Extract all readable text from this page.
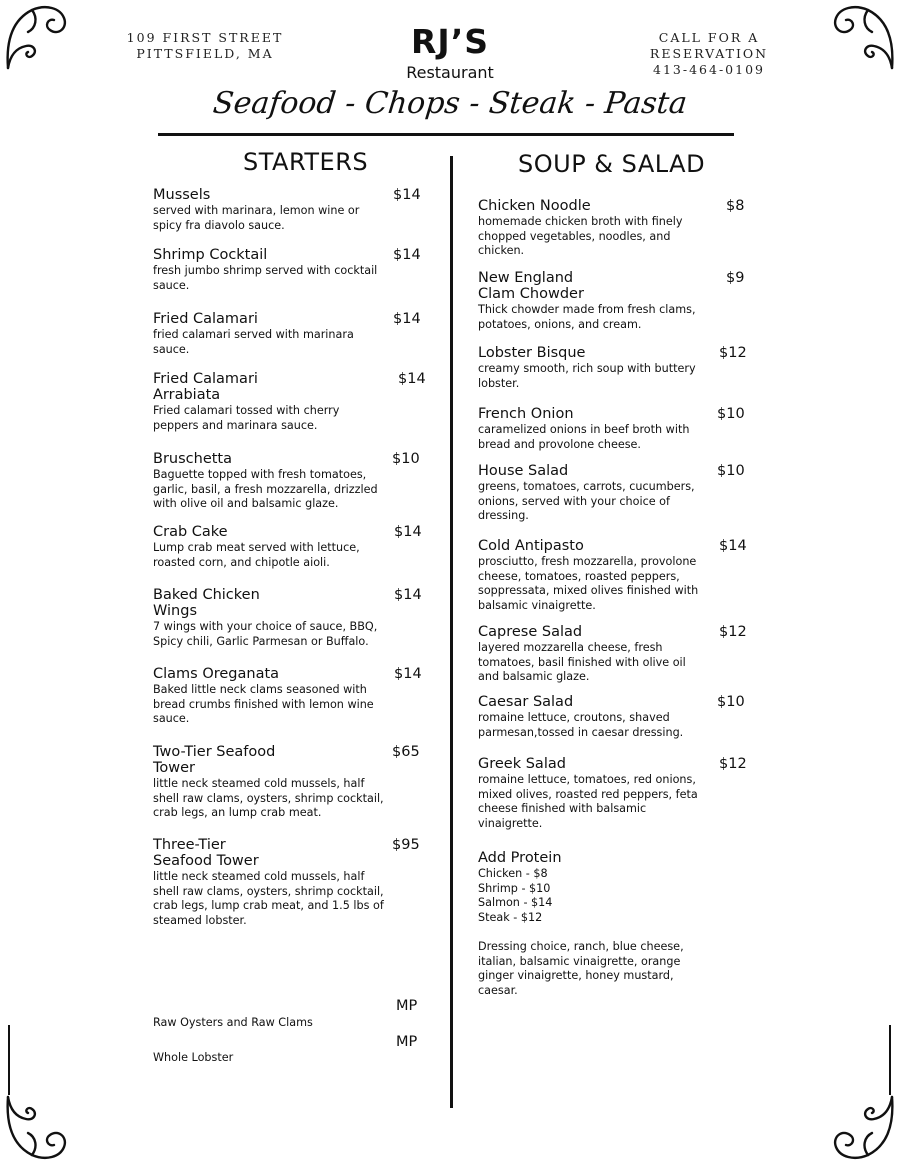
109 FIRST STREET
PITTSFIELD, MA	RJ’S
Restaurant
CALL FOR A RESERVATION
413-464-0109
Seafood - Chops - Steak - Pasta
STARTERS	SOUP & SALAD
Mussels	$14
served with marinara, lemon wine or
spicy fra diavolo sauce.
Shrimp Cocktail	$14
fresh jumbo shrimp served with cocktail
sauce.
Fried Calamari	$14
fried calamari served with marinara
sauce.
Fried Calamari
Arrabiata
$14
Fried calamari tossed with cherry
peppers and marinara sauce.
Bruschetta	$10
Baguette topped with fresh tomatoes,
garlic, basil, a fresh mozzarella, drizzled
with olive oil and balsamic glaze.
Crab Cake	$14
Lump crab meat served with lettuce,
roasted corn, and chipotle aioli.
Baked Chicken
Wings
$14
7 wings with your choice of sauce, BBQ,
Spicy chili, Garlic Parmesan or Buffalo.
Clams Oreganata	$14
Baked little neck clams seasoned with
bread crumbs finished with lemon wine
sauce.
Two-Tier Seafood
Tower
$65
little neck steamed cold mussels, half
shell raw clams, oysters, shrimp cocktail,
crab legs, an lump crab meat.
Three-Tier
Seafood Tower
$95
little neck steamed cold mussels, half
shell raw clams, oysters, shrimp cocktail,
crab legs, lump crab meat, and 1.5 lbs of
steamed lobster.
Chicken Noodle	$8
homemade chicken broth with finely
chopped vegetables, noodles, and
chicken.
New England
Clam Chowder
$9
Thick chowder made from fresh clams,
potatoes, onions, and cream.
Lobster Bisque	$12
creamy smooth, rich soup with buttery
lobster.
French Onion	$10
caramelized onions in beef broth with
bread and provolone cheese.
House Salad	$10
greens, tomatoes, carrots, cucumbers,
onions, served with your choice of
dressing.
Cold Antipasto	$14
prosciutto, fresh mozzarella, provolone
cheese, tomatoes, roasted peppers,
soppressata, mixed olives finished with
balsamic vinaigrette.
Caprese Salad	$12
layered mozzarella cheese, fresh
tomatoes, basil finished with olive oil
and balsamic glaze.
Caesar Salad	$10
romaine lettuce, croutons, shaved
parmesan,tossed in caesar dressing.
Greek Salad	$12
romaine lettuce, tomatoes, red onions,
mixed olives, roasted red peppers, feta
cheese finished with balsamic
vinaigrette.
MP
Raw Oysters and Raw Clams
MP
Whole Lobster
Add Protein
Chicken - $8
Shrimp - $10
Salmon - $14
Steak - $12
Dressing choice, ranch, blue cheese,
italian, balsamic vinaigrette, orange
ginger vinaigrette, honey mustard,
caesar.
